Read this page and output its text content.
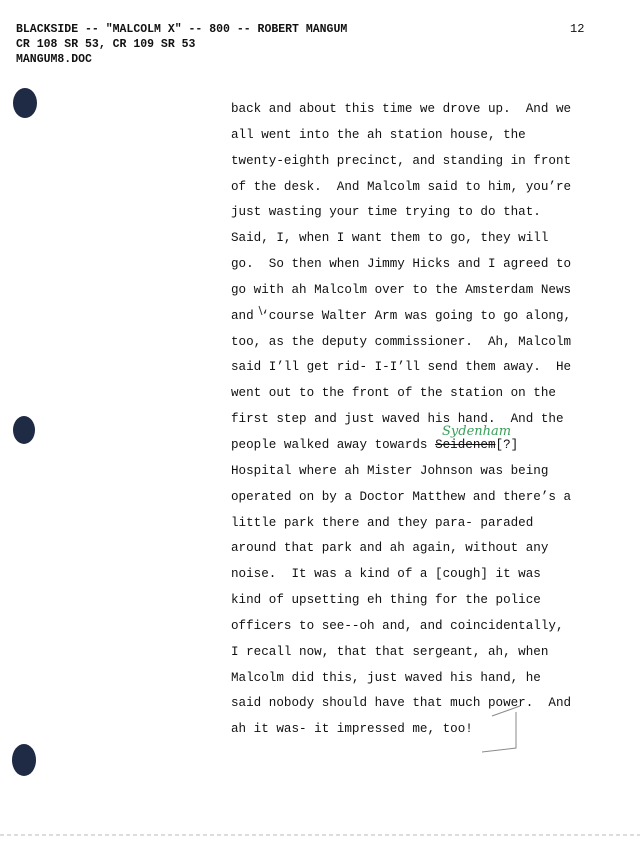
BLACKSIDE -- "MALCOLM X" -- 800 -- ROBERT MANGUM
CR 108 SR 53, CR 109 SR 53
MANGUM8.DOC
12
back and about this time we drove up.  And we
all went into the ah station house, the
twenty-eighth precinct, and standing in front
of the desk.  And Malcolm said to him, you’re
just wasting your time trying to do that.
Said, I, when I want them to go, they will
go.  So then when Jimmy Hicks and I agreed to
go with ah Malcolm over to the Amsterdam News
and ‘course Walter Arm was going to go along,
too, as the deputy commissioner.  Ah, Malcolm
said I’ll get rid- I-I’ll send them away.  He
went out to the front of the station on the
first step and just waved his hand.  And the
people walked away towards Seidenem[?]
Hospital where ah Mister Johnson was being
operated on by a Doctor Matthew and there’s a
little park there and they para- paraded
around that park and ah again, without any
noise.  It was a kind of a [cough] it was
kind of upsetting eh thing for the police
officers to see--oh and, and coincidentally,
I recall now, that that sergeant, ah, when
Malcolm did this, just waved his hand, he
said nobody should have that much power.  And
ah it was- it impressed me, too!
Sydenham
